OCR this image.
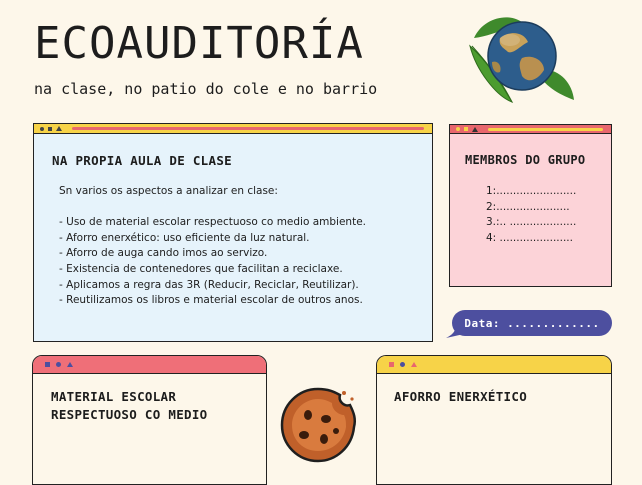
ECOAUDITORÍA
na clase, no patio do cole e no barrio
NA PROPIA AULA DE CLASE
Sn varios os aspectos a analizar en clase:
- Uso de material escolar respectuoso co medio ambiente.
- Aforro enerxético: uso eficiente da luz natural.
- Aforro de auga cando imos ao servizo.
- Existencia de contenedores que facilitan a reciclaxe.
- Aplicamos a regra das 3R (Reducir, Reciclar, Reutilizar).
- Reutilizamos os libros e material escolar de outros anos.
MEMBROS DO GRUPO
1:........................
2:......................
3.:.. ....................
4: ......................
Data: .............
MATERIAL ESCOLAR
RESPECTUOSO CO MEDIO
AFORRO ENERXÉTICO
